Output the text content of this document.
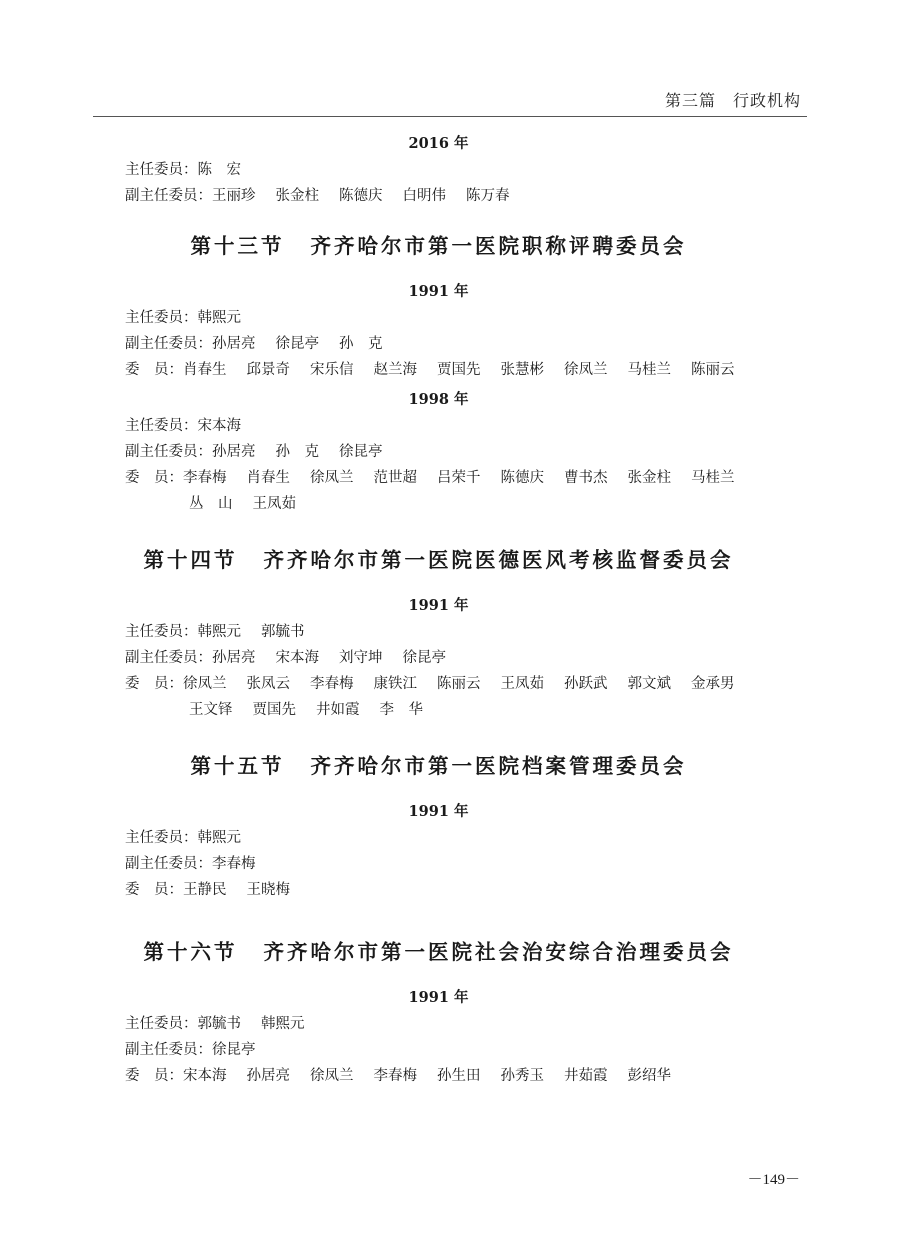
第三篇　行政机构
2016 年
主任委员：陈　宏
副主任委员：王丽珍 张金柱 陈德庆 白明伟 陈万春
第十三节 齐齐哈尔市第一医院职称评聘委员会
1991 年
主任委员：韩熙元
副主任委员：孙居亮 徐昆亭 孙　克
委　员：肖春生 邱景奇 宋乐信 赵兰海 贾国先 张慧彬 徐凤兰 马桂兰 陈丽云
1998 年
主任委员：宋本海
副主任委员：孙居亮 孙　克 徐昆亭
委　员：李春梅 肖春生 徐凤兰 范世超 吕荣千 陈德庆 曹书杰 张金柱 马桂兰
丛　山 王凤茹
第十四节 齐齐哈尔市第一医院医德医风考核监督委员会
1991 年
主任委员：韩熙元 郭毓书
副主任委员：孙居亮 宋本海 刘守坤 徐昆亭
委　员：徐凤兰 张凤云 李春梅 康铁江 陈丽云 王凤茹 孙跃武 郭文斌 金承男
王文铎 贾国先 井如霞 李　华
第十五节 齐齐哈尔市第一医院档案管理委员会
1991 年
主任委员：韩熙元
副主任委员：李春梅
委　员：王静民 王晓梅
第十六节 齐齐哈尔市第一医院社会治安综合治理委员会
1991 年
主任委员：郭毓书 韩熙元
副主任委员：徐昆亭
委　员：宋本海 孙居亮 徐凤兰 李春梅 孙生田 孙秀玉 井茹霞 彭绍华
－149－
